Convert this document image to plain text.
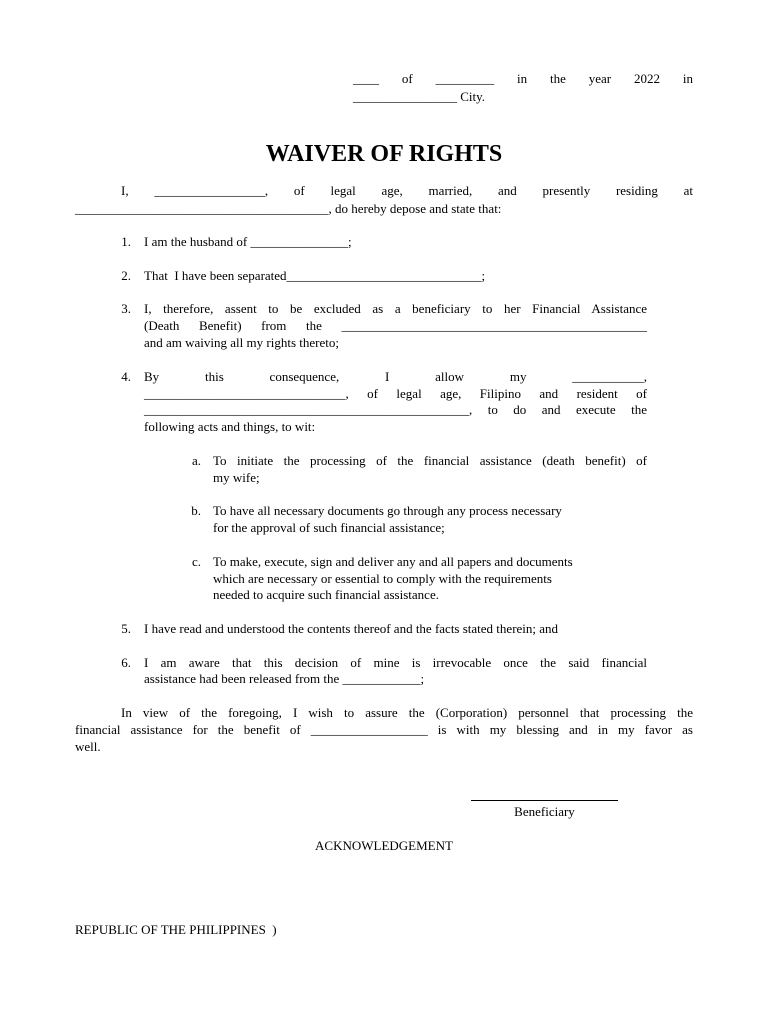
____ of _________ in the year 2022 in
________________ City.
WAIVER OF RIGHTS
I, _________________, of legal age, married, and presently residing at
_______________________________________, do hereby depose and state that:
1. I am the husband of _______________;
2. That  I have been separated______________________________;
3. I, therefore, assent to be excluded as a beneficiary to her Financial Assistance
(Death Benefit) from the _______________________________________________
and am waiving all my rights thereto;
4. By this consequence, I allow my ___________,
_______________________________, of legal age, Filipino and resident of
__________________________________________________, to do and execute the
following acts and things, to wit:
a. To initiate the processing of the financial assistance (death benefit) of
my wife;
b. To have all necessary documents go through any process necessary
for the approval of such financial assistance;
c. To make, execute, sign and deliver any and all papers and documents
which are necessary or essential to comply with the requirements
needed to acquire such financial assistance.
5. I have read and understood the contents thereof and the facts stated therein; and
6. I am aware that this decision of mine is irrevocable once the said financial
assistance had been released from the ____________;
In view of the foregoing, I wish to assure the (Corporation) personnel that processing the
financial assistance for the benefit of __________________ is with my blessing and in my favor as
well.
Beneficiary
ACKNOWLEDGEMENT
REPUBLIC OF THE PHILIPPINES  )
